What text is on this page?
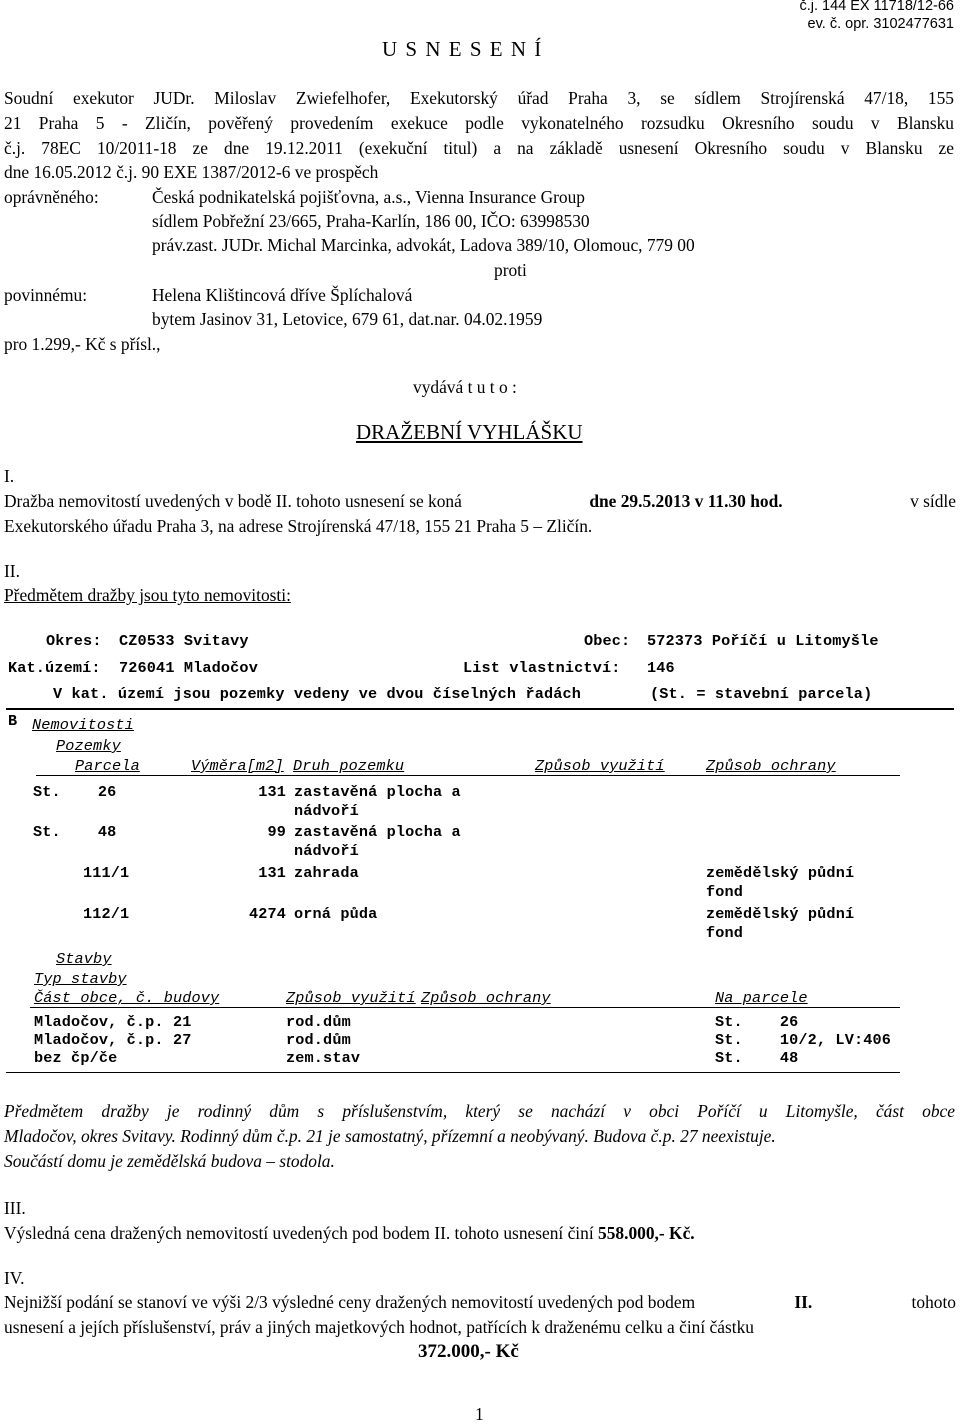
č.j. 144 EX 11718/12-66
ev. č. opr. 3102477631
U S N E S E N Í
Soudní exekutor JUDr. Miloslav Zwiefelhofer, Exekutorský úřad Praha 3, se sídlem Strojírenská 47/18, 155
21 Praha 5 - Zličín, pověřený provedením exekuce podle vykonatelného rozsudku Okresního soudu v Blansku
č.j. 78EC 10/2011-18 ze dne 19.12.2011 (exekuční titul) a na základě usnesení Okresního soudu v Blansku ze
dne 16.05.2012 č.j. 90 EXE 1387/2012-6 ve prospěch
oprávněného:	Česká podnikatelská pojišťovna, a.s., Vienna Insurance Group
sídlem Pobřežní 23/665, Praha-Karlín, 186 00, IČO: 63998530
práv.zast. JUDr. Michal Marcinka, advokát, Ladova 389/10, Olomouc, 779 00
proti
povinnému:	Helena Klištincová dříve Šplíchalová
bytem Jasinov 31, Letovice, 679 61, dat.nar. 04.02.1959
pro 1.299,- Kč s přísl.,
vydává t u t o :
DRAŽEBNÍ VYHLÁŠKU
I.
Dražba nemovitostí uvedených v bodě II. tohoto usnesení se koná	dne 29.5.2013 v 11.30 hod.	v sídle
Exekutorského úřadu Praha 3, na adrese Strojírenská 47/18, 155 21 Praha 5 – Zličín.
II.
Předmětem dražby jsou tyto nemovitosti:
Okres: CZ0533 Svitavy	Obec: 572373 Poříčí u Litomyšle
Kat.území: 726041 Mladočov	List vlastnictví: 146
V kat. území jsou pozemky vedeny ve dvou číselných řadách	(St. = stavební parcela)
B Nemovitosti
Pozemky
Parcela	Výměra[m2] Druh pozemku	Způsob využití	Způsob ochrany
St.    26	131 zastavěná plocha a
nádvoří
St.    48	99 zastavěná plocha a
nádvoří
111/1	131 zahrada	zemědělský půdní
fond
112/1	4274 orná půda	zemědělský půdní
fond
Stavby
Typ stavby
Část obce, č. budovy	Způsob využití Způsob ochrany	Na parcele
Mladočov, č.p. 21	rod.dům	St.    26
Mladočov, č.p. 27	rod.dům	St.    10/2, LV:406
bez čp/če	zem.stav	St.    48
Předmětem dražby je rodinný dům s příslušenstvím, který se nachází v obci Poříčí u Litomyšle, část obce
Mladočov, okres Svitavy. Rodinný dům č.p. 21 je samostatný, přízemní a neobývaný. Budova č.p. 27 neexistuje.
Součástí domu je zemědělská budova – stodola.
III.
Výsledná cena dražených nemovitostí uvedených pod bodem II. tohoto usnesení činí 558.000,- Kč.
IV.
Nejnižší podání se stanoví ve výši 2/3 výsledné ceny dražených nemovitostí uvedených pod bodem	II.	tohoto
usnesení a jejích příslušenství, práv a jiných majetkových hodnot, patřících k draženému celku a činí částku
372.000,- Kč
1
